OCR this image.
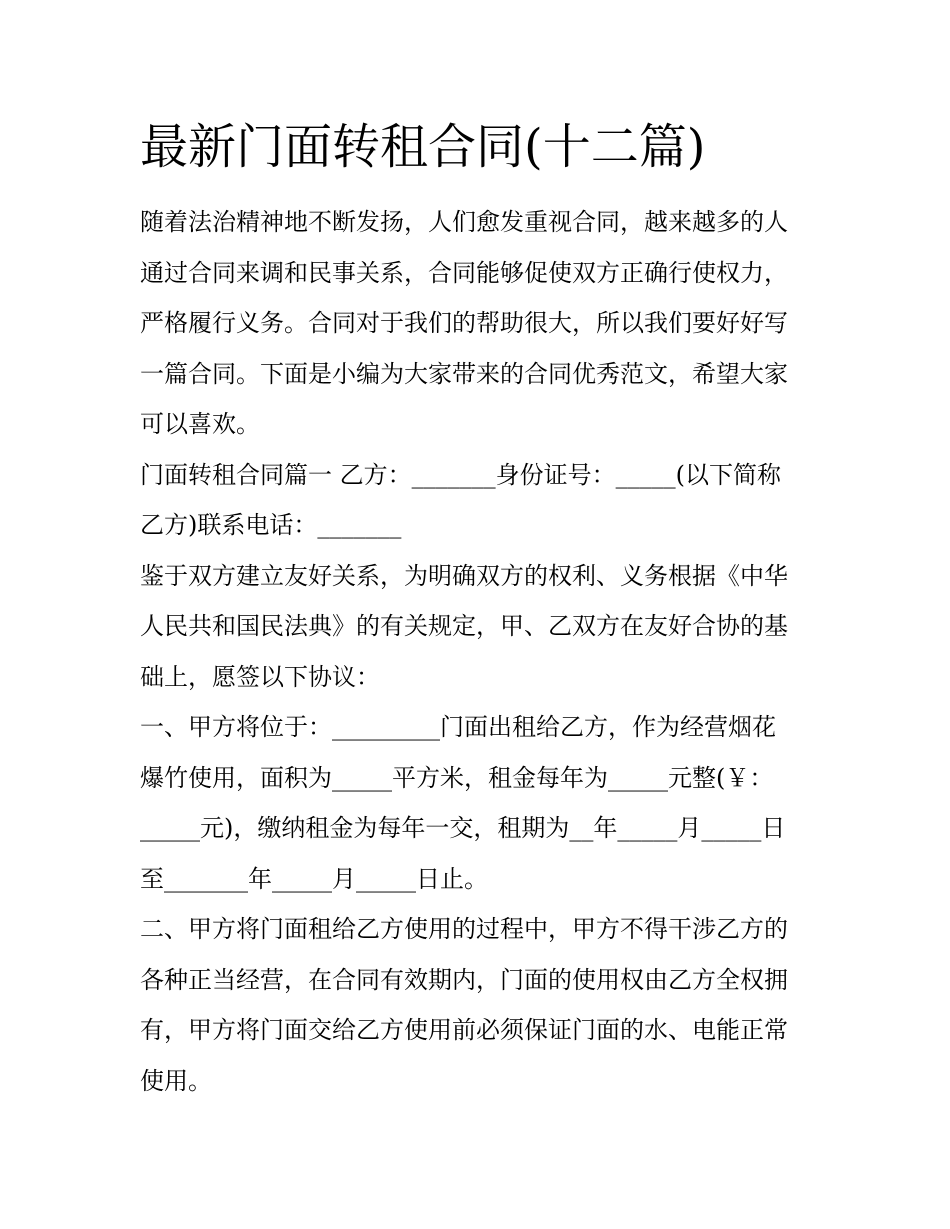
最新门面转租合同(十二篇)
随着法治精神地不断发扬，人们愈发重视合同，越来越多的人
通过合同来调和民事关系，合同能够促使双方正确行使权力，
严格履行义务。合同对于我们的帮助很大，所以我们要好好写
一篇合同。下面是小编为大家带来的合同优秀范文，希望大家
可以喜欢。
门面转租合同篇一 乙方：_______身份证号：_____(以下简称
乙方)联系电话：_______
鉴于双方建立友好关系，为明确双方的权利、义务根据《中华
人民共和国民法典》的有关规定，甲、乙双方在友好合协的基
础上，愿签以下协议：
一、甲方将位于：_________门面出租给乙方，作为经营烟花
爆竹使用，面积为_____平方米，租金每年为_____元整(￥：
_____元)，缴纳租金为每年一交，租期为__年_____月_____日
至_______年_____月_____日止。
二、甲方将门面租给乙方使用的过程中，甲方不得干涉乙方的
各种正当经营，在合同有效期内，门面的使用权由乙方全权拥
有，甲方将门面交给乙方使用前必须保证门面的水、电能正常
使用。
